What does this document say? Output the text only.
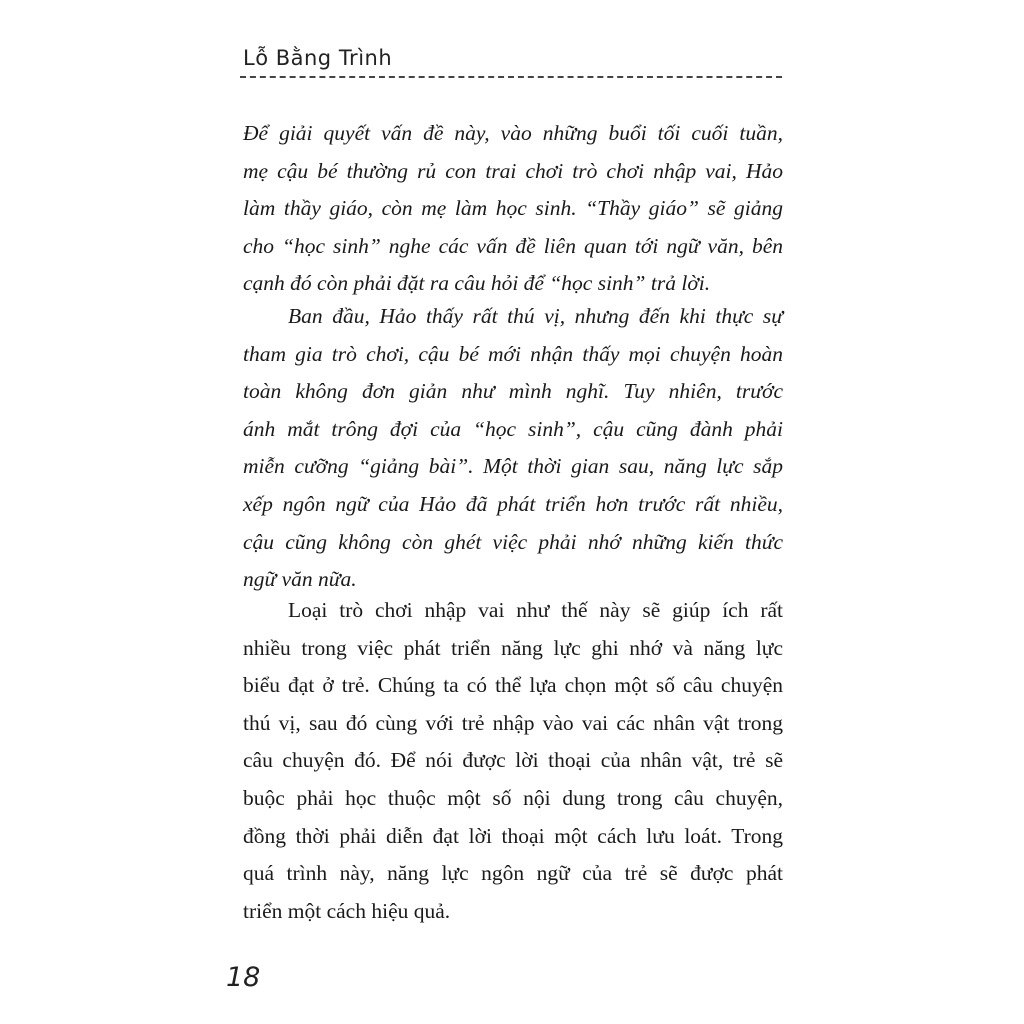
Lỗ Bằng Trình

Để giải quyết vấn đề này, vào những buổi tối cuối tuần,
mẹ cậu bé thường rủ con trai chơi trò chơi nhập vai, Hảo
làm thầy giáo, còn mẹ làm học sinh. “Thầy giáo” sẽ giảng
cho “học sinh” nghe các vấn đề liên quan tới ngữ văn, bên
cạnh đó còn phải đặt ra câu hỏi để “học sinh” trả lời.

Ban đầu, Hảo thấy rất thú vị, nhưng đến khi thực sự
tham gia trò chơi, cậu bé mới nhận thấy mọi chuyện hoàn
toàn không đơn giản như mình nghĩ. Tuy nhiên, trước
ánh mắt trông đợi của “học sinh”, cậu cũng đành phải
miễn cưỡng “giảng bài”. Một thời gian sau, năng lực sắp
xếp ngôn ngữ của Hảo đã phát triển hơn trước rất nhiều,
cậu cũng không còn ghét việc phải nhớ những kiến thức
ngữ văn nữa.

Loại trò chơi nhập vai như thế này sẽ giúp ích rất
nhiều trong việc phát triển năng lực ghi nhớ và năng lực
biểu đạt ở trẻ. Chúng ta có thể lựa chọn một số câu chuyện
thú vị, sau đó cùng với trẻ nhập vào vai các nhân vật trong
câu chuyện đó. Để nói được lời thoại của nhân vật, trẻ sẽ
buộc phải học thuộc một số nội dung trong câu chuyện,
đồng thời phải diễn đạt lời thoại một cách lưu loát. Trong
quá trình này, năng lực ngôn ngữ của trẻ sẽ được phát
triển một cách hiệu quả.

18
